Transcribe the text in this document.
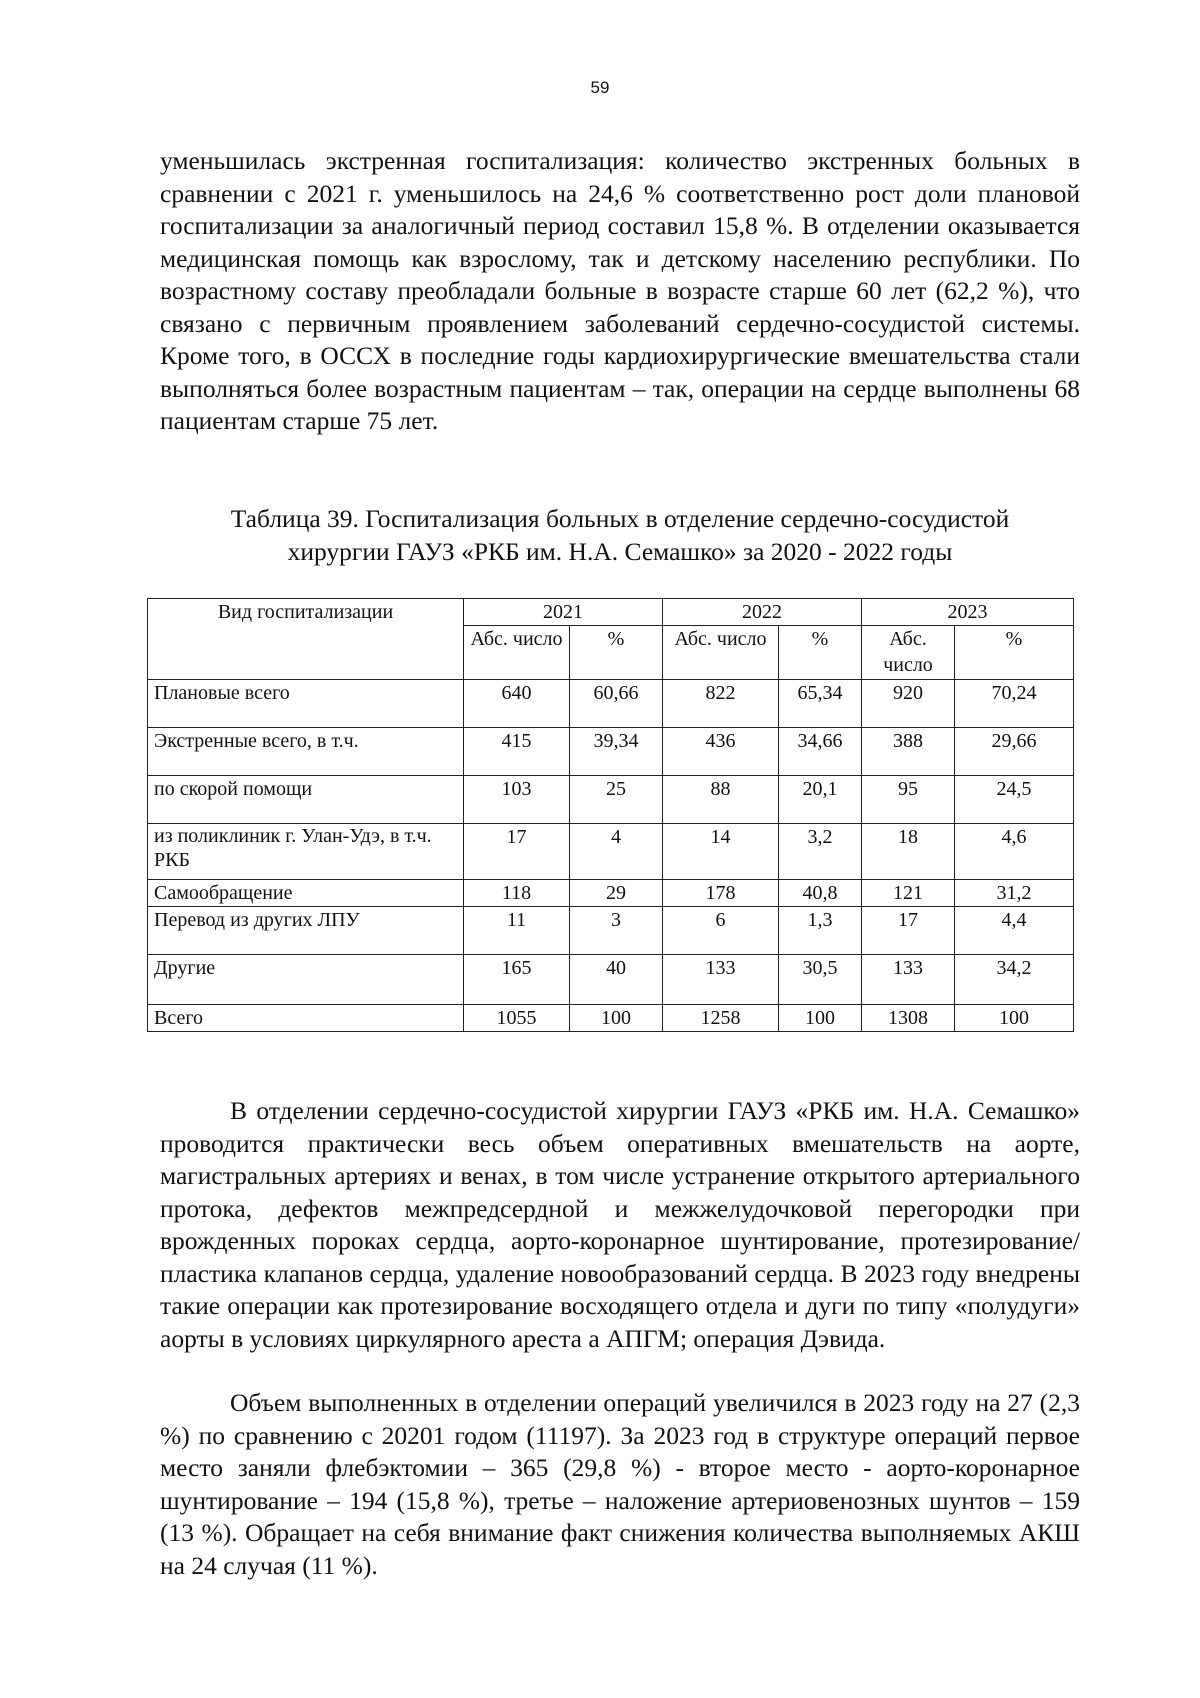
59

уменьшилась экстренная госпитализация: количество экстренных больных в сравнении с 2021 г. уменьшилось на 24,6 % соответственно рост доли плановой госпитализации за аналогичный период составил 15,8 %. В отделении оказывается медицинская помощь как взрослому, так и детскому населению республики. По возрастному составу преобладали больные в возрасте старше 60 лет (62,2 %), что связано с первичным проявлением заболеваний сердечно-сосудистой системы. Кроме того, в ОССХ в последние годы кардиохирургические вмешательства стали выполняться более возрастным пациентам – так, операции на сердце выполнены 68 пациентам старше 75 лет.

Таблица 39. Госпитализация больных в отделение сердечно-сосудистой
хирургии ГАУЗ «РКБ им. Н.А. Семашко» за 2020 - 2022 годы
Вид госпитализации	2021		2022		2023	
	Абс. число	%	Абс. число	%	Абс. число	%
Плановые всего	640	60,66	822	65,34	920	70,24
Экстренные всего, в т.ч.	415	39,34	436	34,66	388	29,66
по скорой помощи	103	25	88	20,1	95	24,5
из поликлиник г. Улан-Удэ, в т.ч. РКБ	17	4	14	3,2	18	4,6
Самообращение	118	29	178	40,8	121	31,2
Перевод из других ЛПУ	11	3	6	1,3	17	4,4
Другие	165	40	133	30,5	133	34,2
Всего	1055	100	1258	100	1308	100

В отделении сердечно-сосудистой хирургии ГАУЗ «РКБ им. Н.А. Семашко» проводится практически весь объем оперативных вмешательств на аорте, магистральных артериях и венах, в том числе устранение открытого артериального протока, дефектов межпредсердной и межжелудочковой перегородки при врожденных пороках сердца, аорто-коронарное шунтирование, протезирование/пластика клапанов сердца, удаление новообразований сердца. В 2023 году внедрены такие операции как протезирование восходящего отдела и дуги по типу «полудуги» аорты в условиях циркулярного ареста а АПГМ; операция Дэвида.

Объем выполненных в отделении операций увеличился в 2023 году на 27 (2,3 %) по сравнению с 20201 годом (11197). За 2023 год в структуре операций первое место заняли флебэктомии – 365 (29,8 %) - второе место - аорто-коронарное шунтирование – 194 (15,8 %), третье – наложение артериовенозных шунтов – 159 (13 %). Обращает на себя внимание факт снижения количества выполняемых АКШ на 24 случая (11 %).
